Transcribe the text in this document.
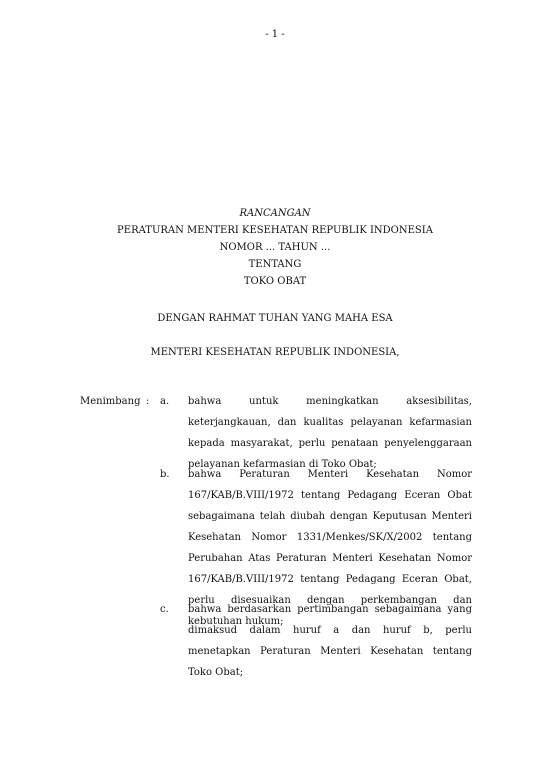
- 1 -
RANCANGAN
PERATURAN MENTERI KESEHATAN REPUBLIK INDONESIA
NOMOR ... TAHUN ...
TENTANG
TOKO OBAT
DENGAN RAHMAT TUHAN YANG MAHA ESA
MENTERI KESEHATAN REPUBLIK INDONESIA,
Menimbang : a. bahwa untuk meningkatkan aksesibilitas, keterjangkauan, dan kualitas pelayanan kefarmasian kepada masyarakat, perlu penataan penyelenggaraan pelayanan kefarmasian di Toko Obat;
b. bahwa Peraturan Menteri Kesehatan Nomor 167/KAB/B.VIII/1972 tentang Pedagang Eceran Obat sebagaimana telah diubah dengan Keputusan Menteri Kesehatan Nomor 1331/Menkes/SK/X/2002 tentang Perubahan Atas Peraturan Menteri Kesehatan Nomor 167/KAB/B.VIII/1972 tentang Pedagang Eceran Obat, perlu disesuaikan dengan perkembangan dan kebutuhan hukum;
c. bahwa berdasarkan pertimbangan sebagaimana yang dimaksud dalam huruf a dan huruf b, perlu menetapkan Peraturan Menteri Kesehatan tentang Toko Obat;
